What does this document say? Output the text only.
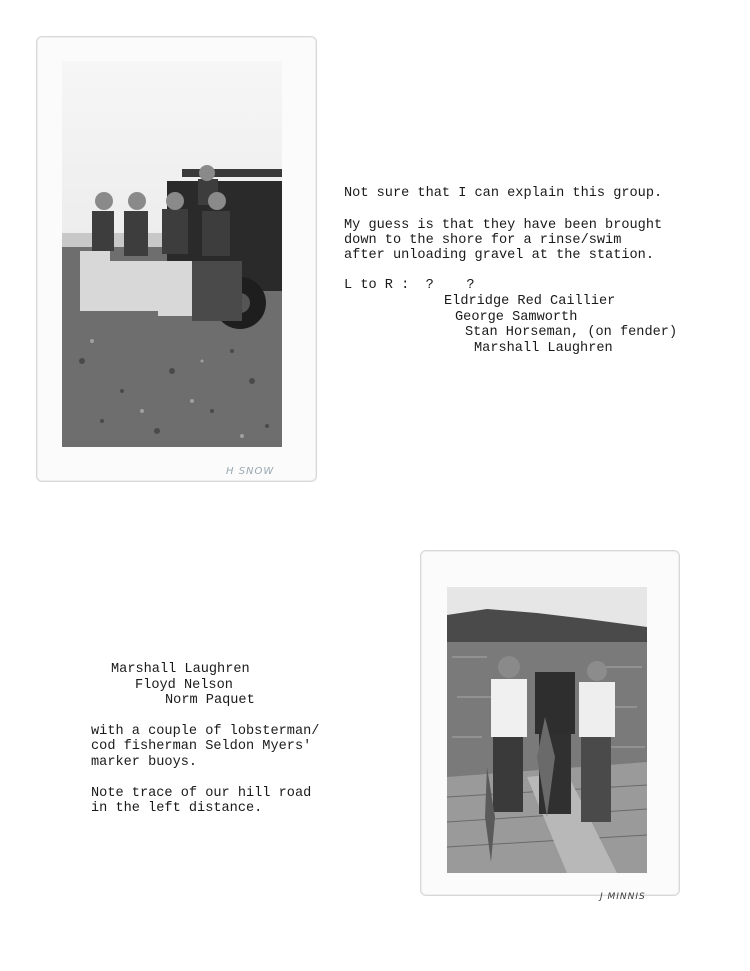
H SNOW
Not sure that I can explain this group.
My guess is that they have been brought
down to the shore for a rinse/swim
after unloading gravel at the station.
L to R :  ?    ?
Eldridge Red Caillier
George Samworth
Stan Horseman, (on fender)
Marshall Laughren
Marshall Laughren
Floyd Nelson
Norm Paquet
with a couple of lobsterman/
cod fisherman Seldon Myers'
marker buoys.
Note trace of our hill road
in the left distance.
J MINNIS
